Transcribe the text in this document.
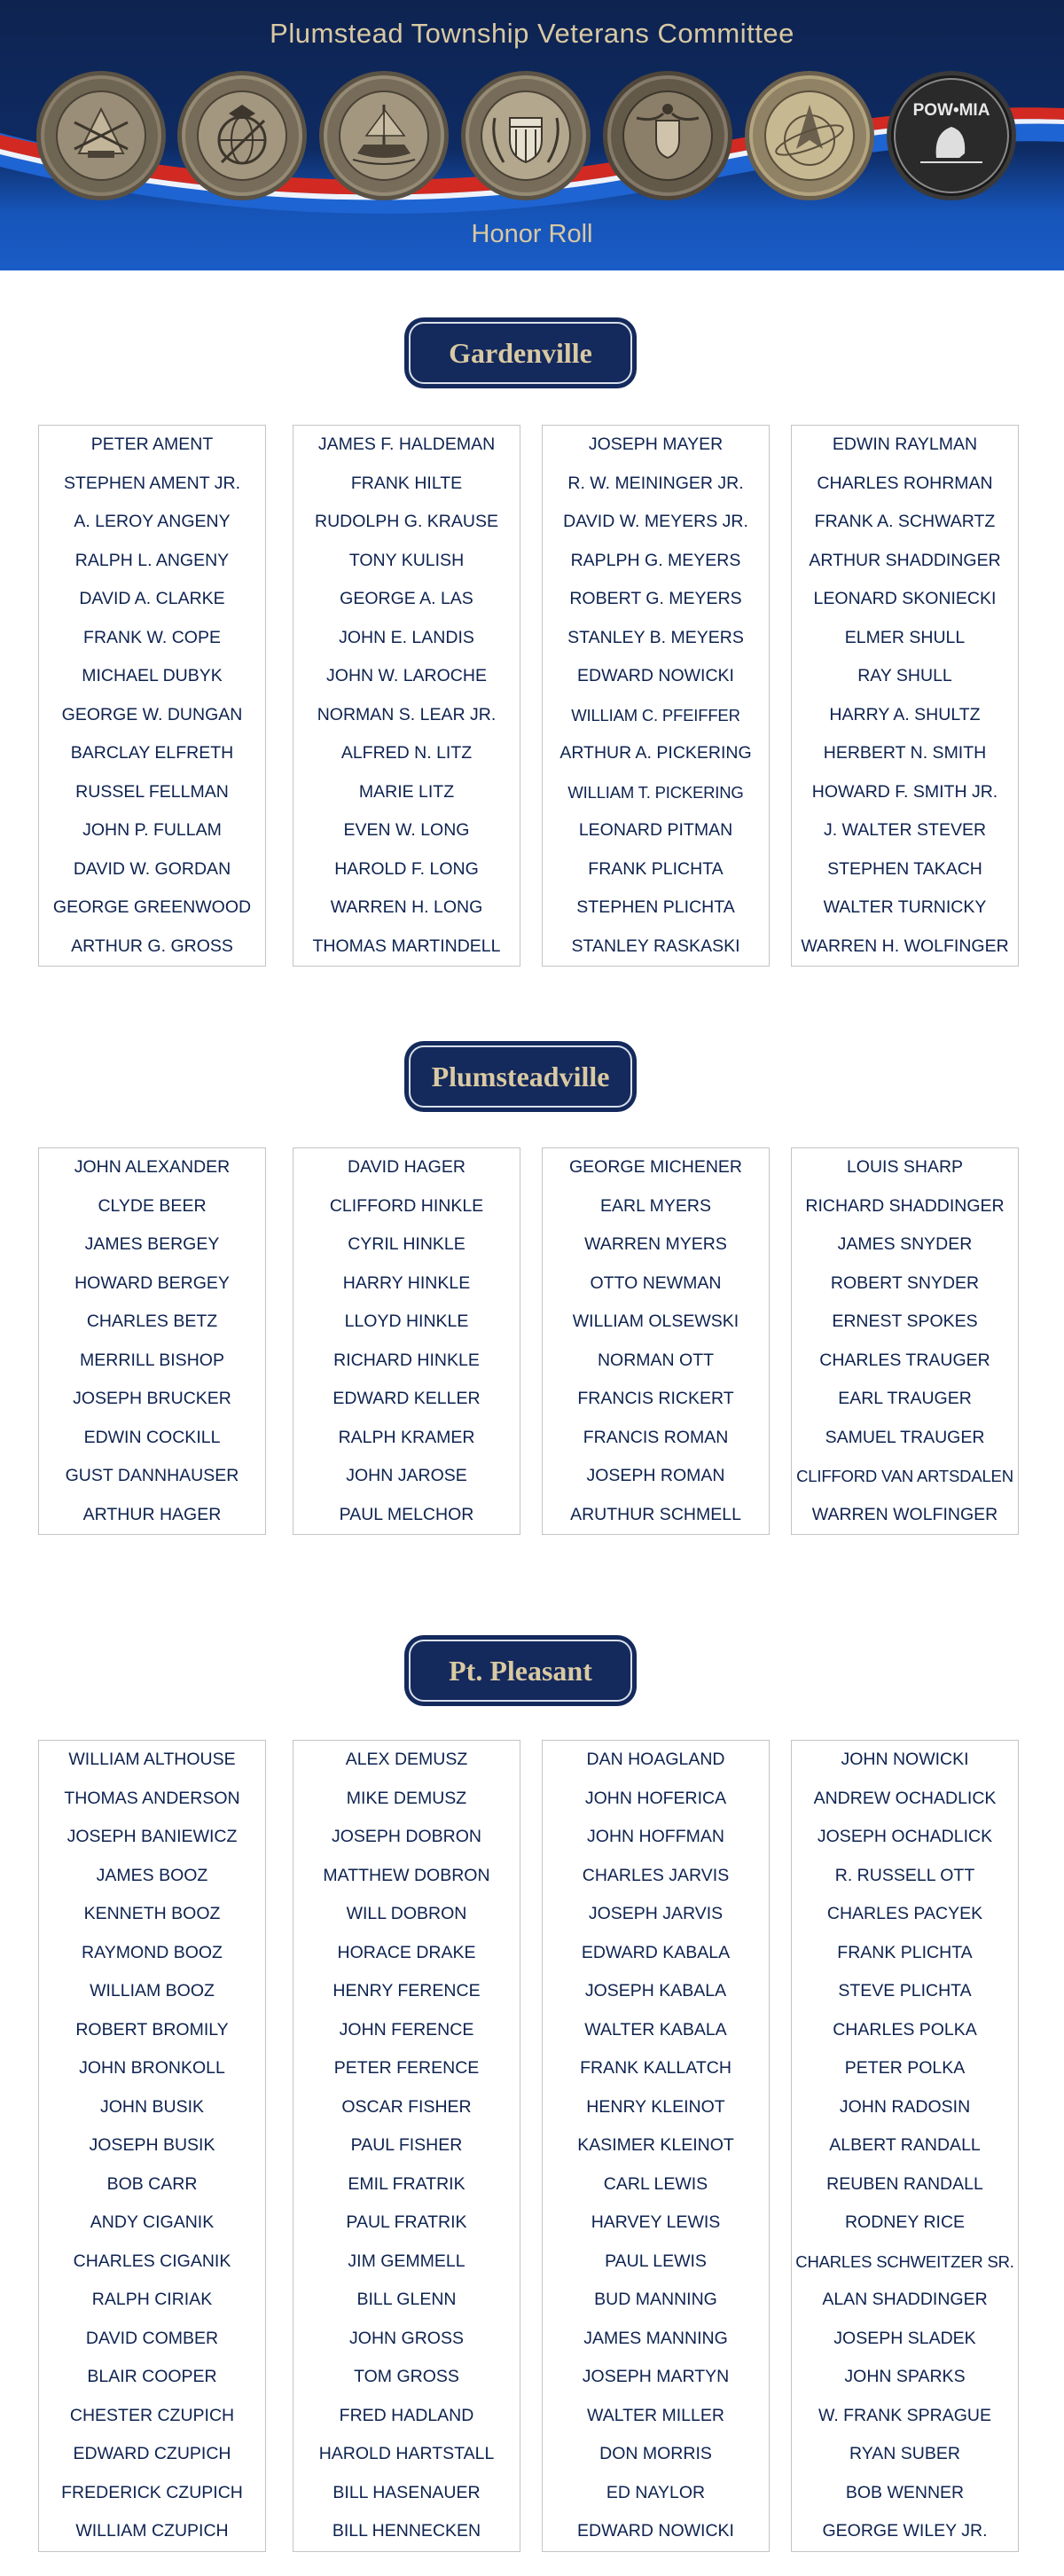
Plumstead Township Veterans Committee
POW•MIA
Honor Roll
Gardenville
PETER AMENT
STEPHEN AMENT JR.
A. LEROY ANGENY
RALPH L. ANGENY
DAVID A. CLARKE
FRANK W. COPE
MICHAEL DUBYK
GEORGE W. DUNGAN
BARCLAY ELFRETH
RUSSEL FELLMAN
JOHN P. FULLAM
DAVID W. GORDAN
GEORGE GREENWOOD
ARTHUR G. GROSS
JAMES F. HALDEMAN
FRANK HILTE
RUDOLPH G. KRAUSE
TONY KULISH
GEORGE A. LAS
JOHN E. LANDIS
JOHN W. LAROCHE
NORMAN S. LEAR JR.
ALFRED N. LITZ
MARIE LITZ
EVEN W. LONG
HAROLD F. LONG
WARREN H. LONG
THOMAS MARTINDELL
JOSEPH MAYER
R. W. MEININGER JR.
DAVID W. MEYERS JR.
RAPLPH G. MEYERS
ROBERT G. MEYERS
STANLEY B. MEYERS
EDWARD NOWICKI
WILLIAM C. PFEIFFER
ARTHUR A. PICKERING
WILLIAM T. PICKERING
LEONARD PITMAN
FRANK PLICHTA
STEPHEN PLICHTA
STANLEY RASKASKI
EDWIN RAYLMAN
CHARLES ROHRMAN
FRANK A. SCHWARTZ
ARTHUR SHADDINGER
LEONARD SKONIECKI
ELMER SHULL
RAY SHULL
HARRY A. SHULTZ
HERBERT N. SMITH
HOWARD F. SMITH JR.
J. WALTER STEVER
STEPHEN TAKACH
WALTER TURNICKY
WARREN H. WOLFINGER
Plumsteadville
JOHN ALEXANDER
CLYDE BEER
JAMES BERGEY
HOWARD BERGEY
CHARLES BETZ
MERRILL BISHOP
JOSEPH BRUCKER
EDWIN COCKILL
GUST DANNHAUSER
ARTHUR HAGER
DAVID HAGER
CLIFFORD HINKLE
CYRIL HINKLE
HARRY HINKLE
LLOYD HINKLE
RICHARD HINKLE
EDWARD KELLER
RALPH KRAMER
JOHN JAROSE
PAUL MELCHOR
GEORGE MICHENER
EARL MYERS
WARREN MYERS
OTTO NEWMAN
WILLIAM OLSEWSKI
NORMAN OTT
FRANCIS RICKERT
FRANCIS ROMAN
JOSEPH ROMAN
ARUTHUR SCHMELL
LOUIS SHARP
RICHARD SHADDINGER
JAMES SNYDER
ROBERT SNYDER
ERNEST SPOKES
CHARLES TRAUGER
EARL TRAUGER
SAMUEL TRAUGER
CLIFFORD VAN ARTSDALEN
WARREN WOLFINGER
Pt. Pleasant
WILLIAM ALTHOUSE
THOMAS ANDERSON
JOSEPH BANIEWICZ
JAMES BOOZ
KENNETH BOOZ
RAYMOND BOOZ
WILLIAM BOOZ
ROBERT BROMILY
JOHN BRONKOLL
JOHN BUSIK
JOSEPH BUSIK
BOB CARR
ANDY CIGANIK
CHARLES CIGANIK
RALPH CIRIAK
DAVID COMBER
BLAIR COOPER
CHESTER CZUPICH
EDWARD CZUPICH
FREDERICK CZUPICH
WILLIAM CZUPICH
ALEX DEMUSZ
MIKE DEMUSZ
JOSEPH DOBRON
MATTHEW DOBRON
WILL DOBRON
HORACE DRAKE
HENRY FERENCE
JOHN FERENCE
PETER FERENCE
OSCAR FISHER
PAUL FISHER
EMIL FRATRIK
PAUL FRATRIK
JIM GEMMELL
BILL GLENN
JOHN GROSS
TOM GROSS
FRED HADLAND
HAROLD HARTSTALL
BILL HASENAUER
BILL HENNECKEN
DAN HOAGLAND
JOHN HOFERICA
JOHN HOFFMAN
CHARLES JARVIS
JOSEPH JARVIS
EDWARD KABALA
JOSEPH KABALA
WALTER KABALA
FRANK KALLATCH
HENRY KLEINOT
KASIMER KLEINOT
CARL LEWIS
HARVEY LEWIS
PAUL LEWIS
BUD MANNING
JAMES MANNING
JOSEPH MARTYN
WALTER MILLER
DON MORRIS
ED NAYLOR
EDWARD NOWICKI
JOHN NOWICKI
ANDREW OCHADLICK
JOSEPH OCHADLICK
R. RUSSELL OTT
CHARLES PACYEK
FRANK PLICHTA
STEVE PLICHTA
CHARLES POLKA
PETER POLKA
JOHN RADOSIN
ALBERT RANDALL
REUBEN RANDALL
RODNEY RICE
CHARLES SCHWEITZER SR.
ALAN SHADDINGER
JOSEPH SLADEK
JOHN SPARKS
W. FRANK SPRAGUE
RYAN SUBER
BOB WENNER
GEORGE WILEY JR.
